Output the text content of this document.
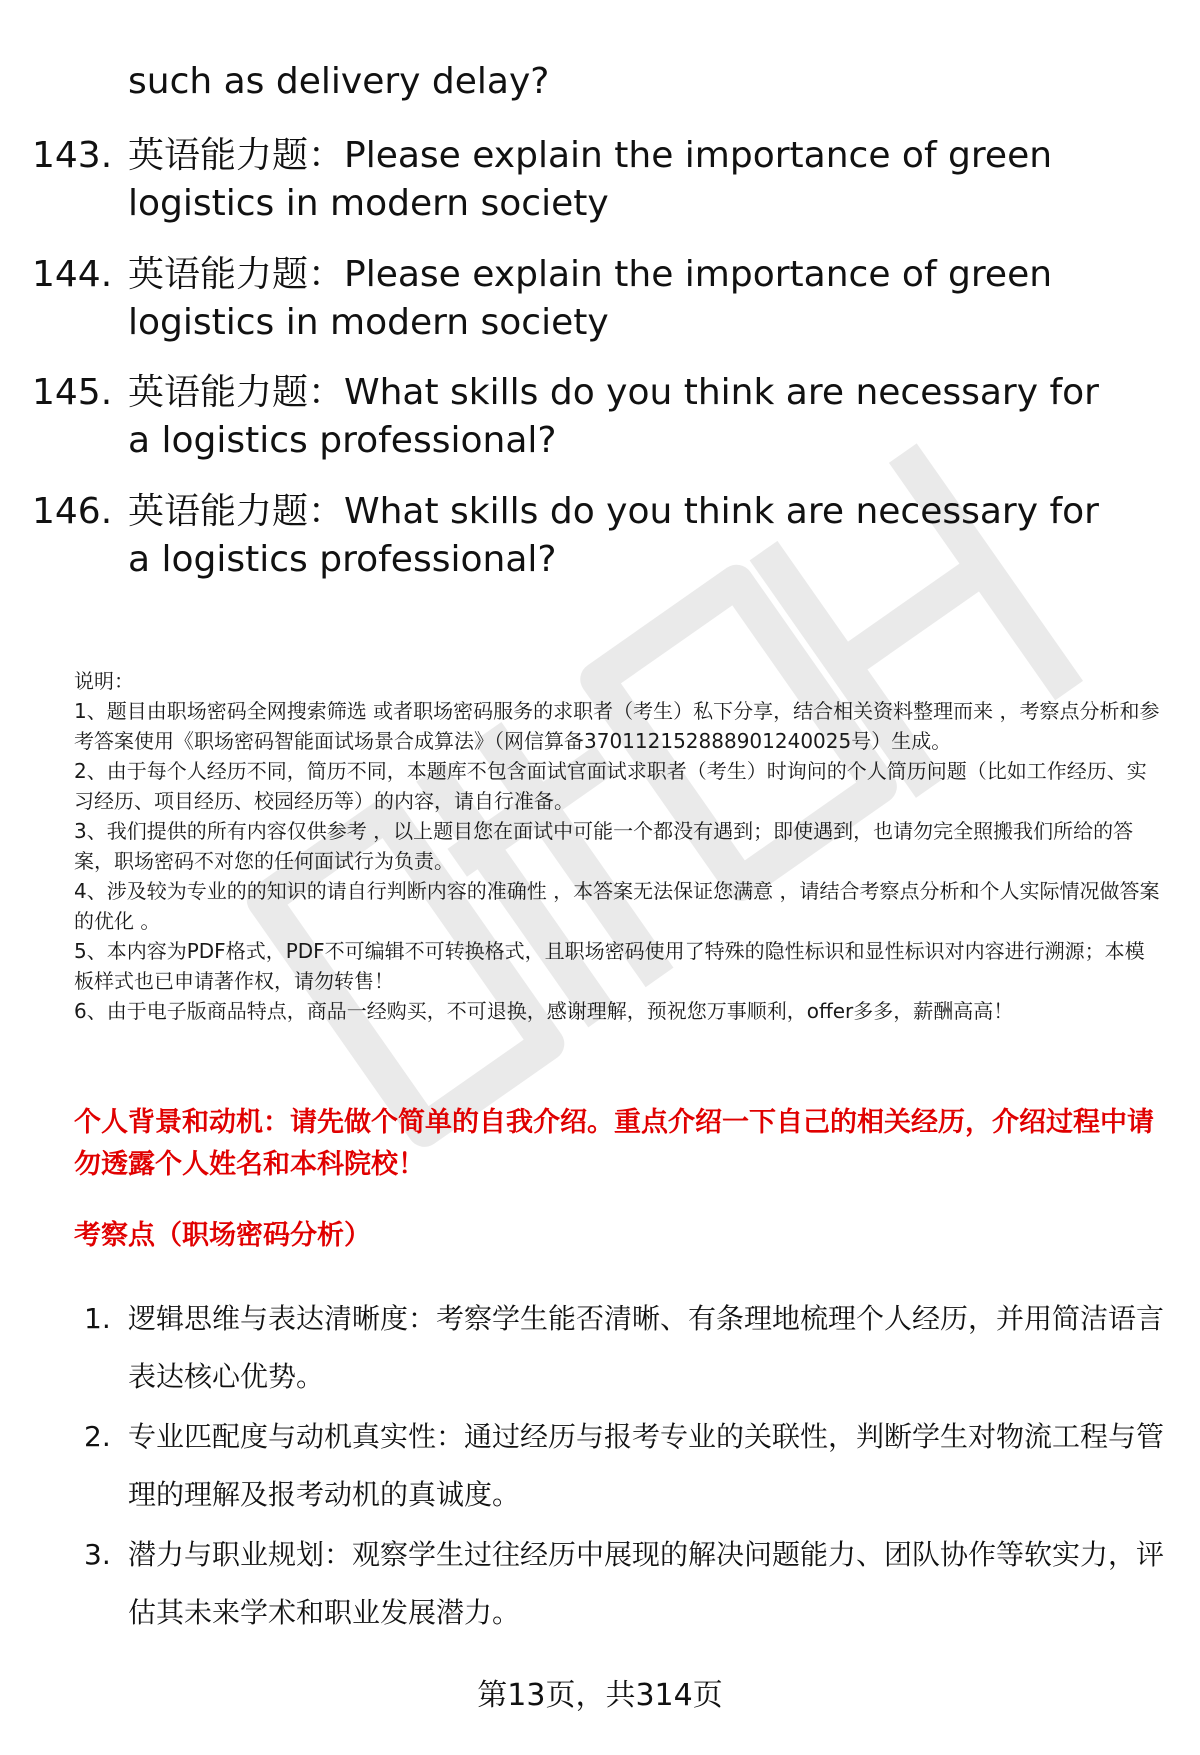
such as delivery delay?
143. 英语能力题：Please explain the importance of green logistics in modern society
144. 英语能力题：Please explain the importance of green logistics in modern society
145. 英语能力题：What skills do you think are necessary for a logistics professional?
146. 英语能力题：What skills do you think are necessary for a logistics professional?
说明：
1、题目由职场密码全网搜索筛选 或者职场密码服务的求职者（考生）私下分享，结合相关资料整理而来 ，考察点分析和参考答案使用《职场密码智能面试场景合成算法》（网信算备370112152888901240025号）生成。
2、由于每个人经历不同，简历不同，本题库不包含面试官面试求职者（考生）时询问的个人简历问题（比如工作经历、实习经历、项目经历、校园经历等）的内容，请自行准备。
3、我们提供的所有内容仅供参考 ，以上题目您在面试中可能一个都没有遇到；即使遇到，也请勿完全照搬我们所给的答案，职场密码不对您的任何面试行为负责。
4、涉及较为专业的的知识的请自行判断内容的准确性 ，本答案无法保证您满意 ，请结合考察点分析和个人实际情况做答案的优化 。
5、本内容为PDF格式，PDF不可编辑不可转换格式，且职场密码使用了特殊的隐性标识和显性标识对内容进行溯源；本模板样式也已申请著作权，请勿转售！
6、由于电子版商品特点，商品一经购买，不可退换，感谢理解，预祝您万事顺利，offer多多，薪酬高高！
个人背景和动机：请先做个简单的自我介绍。重点介绍一下自己的相关经历，介绍过程中请勿透露个人姓名和本科院校！
考察点（职场密码分析）
1. 逻辑思维与表达清晰度：考察学生能否清晰、有条理地梳理个人经历，并用简洁语言表达核心优势。
2. 专业匹配度与动机真实性：通过经历与报考专业的关联性，判断学生对物流工程与管理的理解及报考动机的真诚度。
3. 潜力与职业规划：观察学生过往经历中展现的解决问题能力、团队协作等软实力，评估其未来学术和职业发展潜力。
第13页，共314页
